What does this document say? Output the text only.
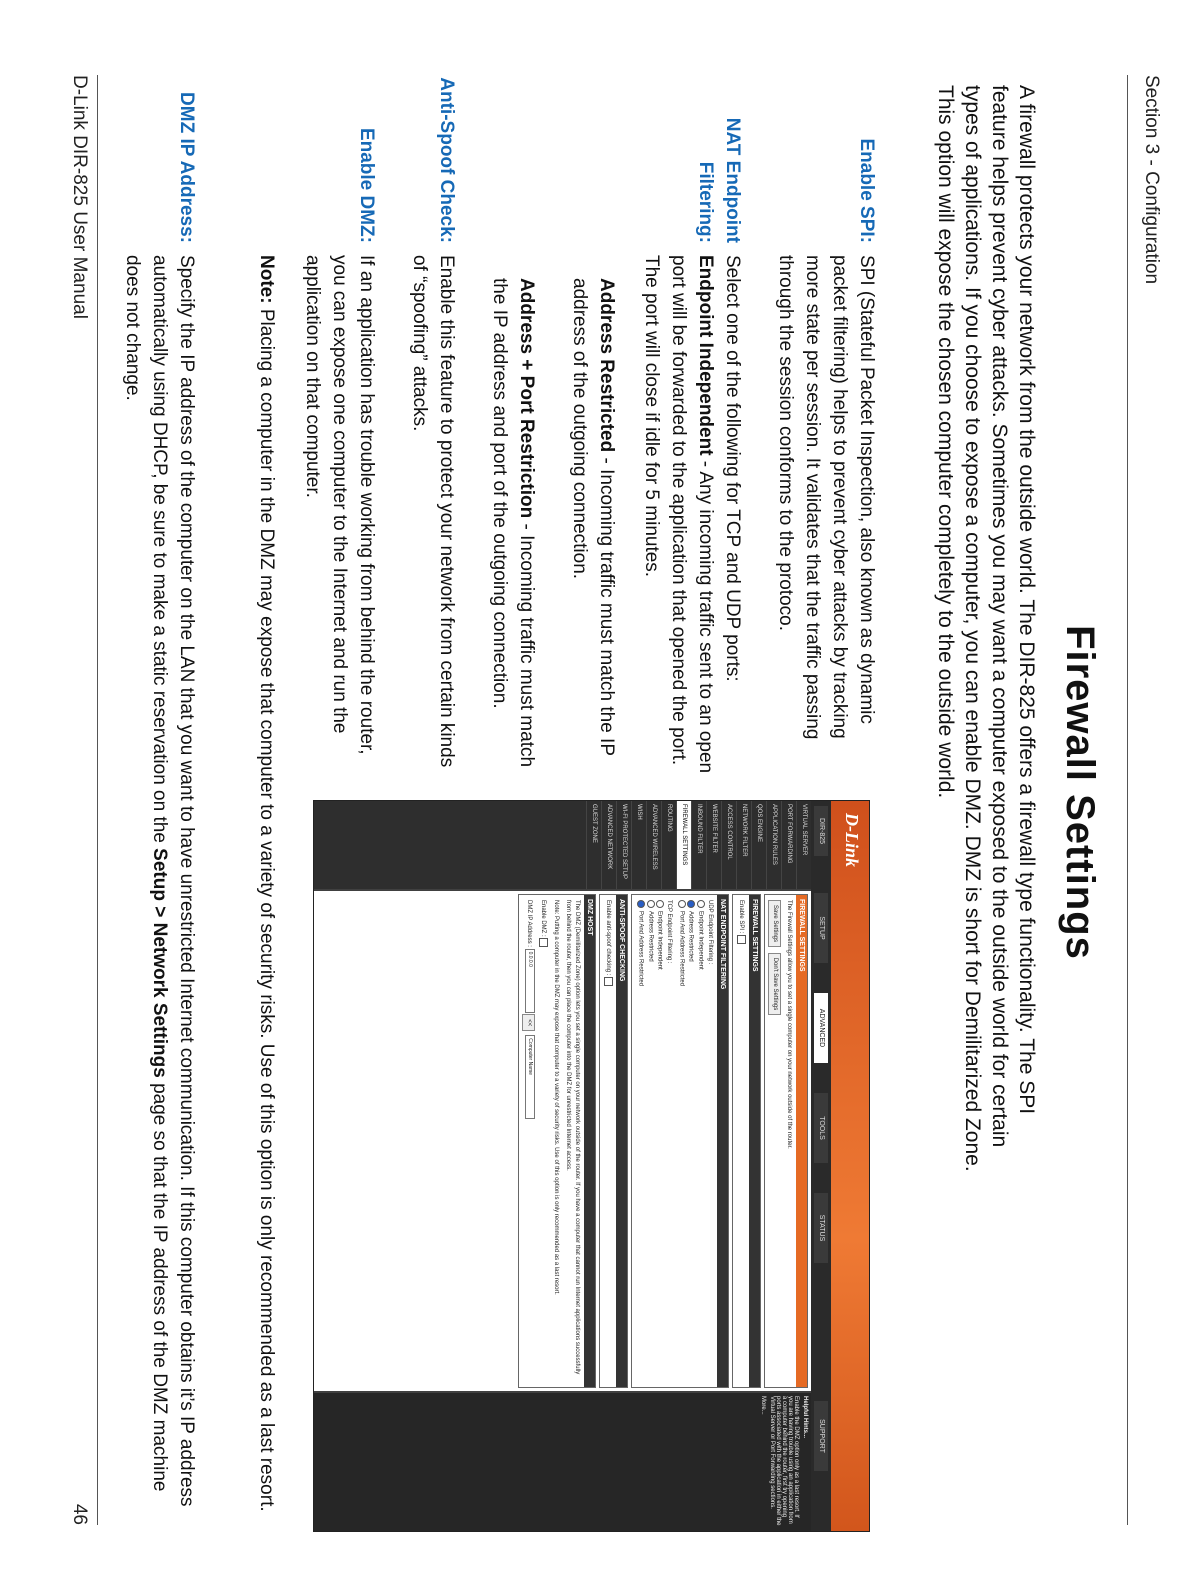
Section 3 - Configuration
Firewall Settings

A firewall protects your network from the outside world. The DIR-825 offers a firewall type functionality. The SPI feature helps prevent cyber attacks. Sometimes you may want a computer exposed to the outside world for certain types of applications. If you choose to expose a computer, you can enable DMZ. DMZ is short for Demilitarized Zone. This option will expose the chosen computer completely to the outside world.

Enable SPI:

SPI (Stateful Packet Inspection, also known as dynamic packet filtering) helps to prevent cyber attacks by tracking more state per session. It validates that the traffic passing through the session conforms to the protoco.

NAT Endpoint
Filtering:

Select one of the following for TCP and UDP ports:

Endpoint Independent - Any incoming traffic sent to an open port will be forwarded to the application that opened the port. The port will close if idle for 5 minutes.

Address Restricted - Incoming traffic must match the IP address of the outgoing connection.

Address + Port Restriction - Incoming traffic must match the IP address and port of the outgoing connection.

Anti-Spoof Check:

Enable this feature to protect your network from certain kinds of “spoofing” attacks.

Enable DMZ:

If an application has trouble working from behind the router, you can expose one computer to the Internet and run the application on that computer.

Note: Placing a computer in the DMZ may expose that computer to a variety of security risks. Use of this option is only recommended as a last resort.

DMZ IP Address:

Specify the IP address of the computer on the LAN that you want to have unrestricted Internet communication. If this computer obtains it’s IP address automatically using DHCP, be sure to make a static reservation on the Setup > Network Settings page so that the IP address of the DMZ machine does not change.

D-Link
DIR-825
SETUP
ADVANCED
TOOLS
STATUS
SUPPORT
VIRTUAL SERVER
PORT FORWARDING
APPLICATION RULES
QOS ENGINE
NETWORK FILTER
ACCESS CONTROL
WEBSITE FILTER
INBOUND FILTER
FIREWALL SETTINGS
ROUTING
ADVANCED WIRELESS
WISH
WI-FI PROTECTED SETUP
ADVANCED NETWORK
GUEST ZONE
FIREWALL SETTINGS
The Firewall Settings allow you to set a single computer on your network outside of the router.
Save Settings Don't Save Settings
FIREWALL SETTINGS
Enable SPI :
NAT ENDPOINT FILTERING
UDP Endpoint Filtering :
Endpoint Independent
Address Restricted
Port And Address Restricted
TCP Endpoint Filtering :
Endpoint Independent
Address Restricted
Port And Address Restricted
ANTI-SPOOF CHECKING
Enable anti-spoof checking :
DMZ HOST
The DMZ (Demilitarized Zone) option lets you set a single computer on your network outside of the router. If you have a computer that cannot run Internet applications successfully from behind the router, then you can place the computer into the DMZ for unrestricted Internet access.
Note: Putting a computer in the DMZ may expose that computer to a variety of security risks. Use of this option is only recommended as a last resort.
Enable DMZ :
DMZ IP Address : 0.0.0.0 <<Computer Name
Helpful Hints...
Enable the DMZ option only as a last resort. If you are having trouble using an application from a computer behind the router, first try opening ports associated with the application in either the Virtual Server or Port Forwarding sections.
More...
D-Link DIR-825 User Manual
46
